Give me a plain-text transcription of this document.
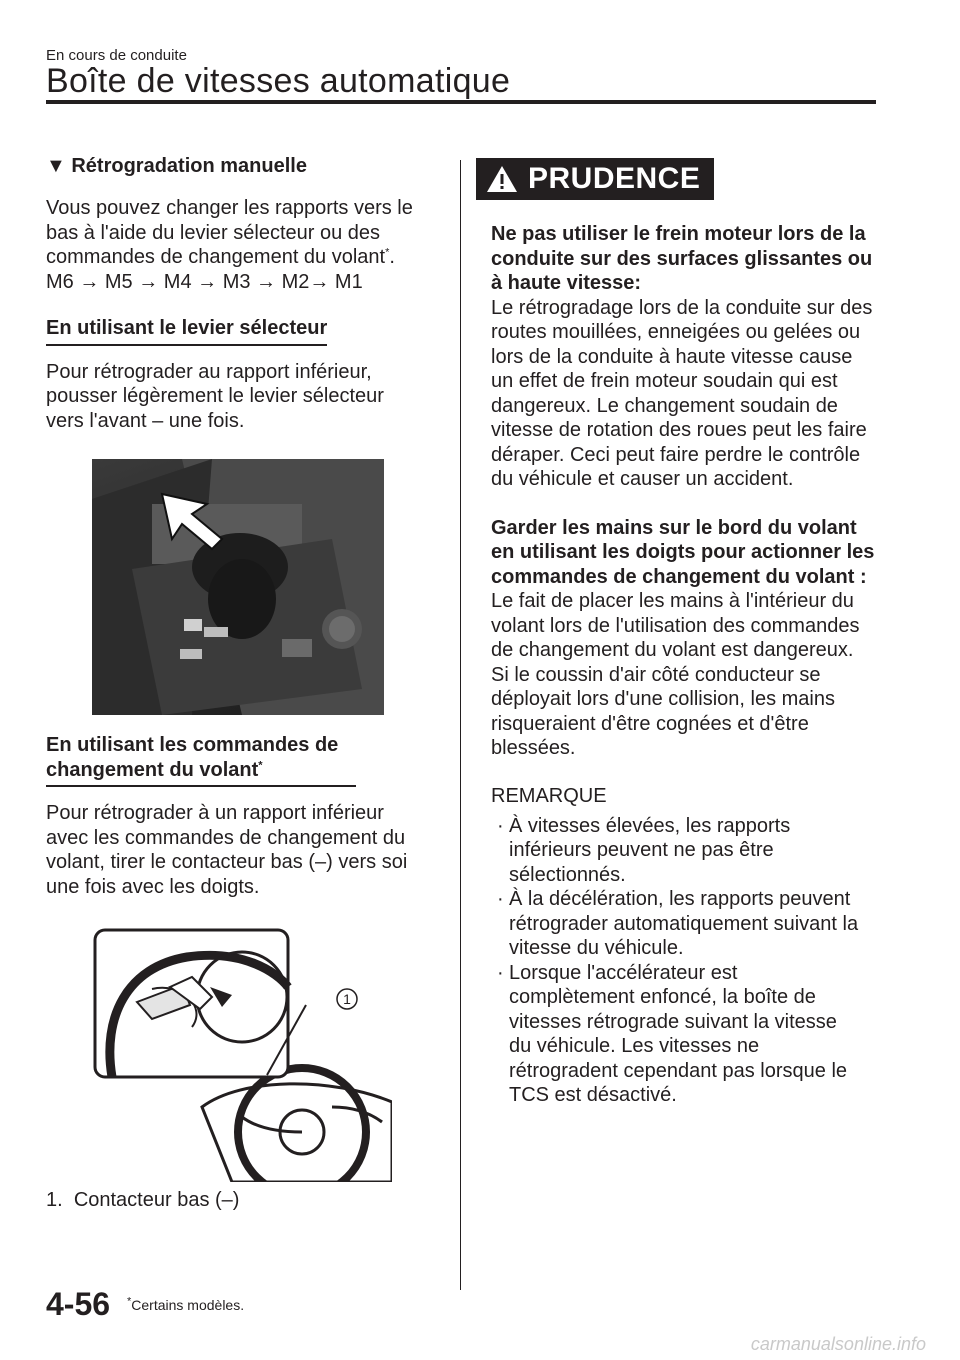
En cours de conduite
Boîte de vitesses automatique

▼ Rétrogradation manuelle

Vous pouvez changer les rapports vers le bas à l'aide du levier sélecteur ou des commandes de changement du volant*.

M6 → M5 → M4 → M3 → M2→ M1

En utilisant le levier sélecteur

Pour rétrograder au rapport inférieur, pousser légèrement le levier sélecteur vers l'avant – une fois.

En utilisant les commandes de changement du volant*

Pour rétrograder à un rapport inférieur avec les commandes de changement du volant, tirer le contacteur bas (–) vers soi une fois avec les doigts.

1

1. Contacteur bas (–)

PRUDENCE

Ne pas utiliser le frein moteur lors de la conduite sur des surfaces glissantes ou à haute vitesse:

Le rétrogradage lors de la conduite sur des routes mouillées, enneigées ou gelées ou lors de la conduite à haute vitesse cause un effet de frein moteur soudain qui est dangereux. Le changement soudain de vitesse de rotation des roues peut les faire déraper. Ceci peut faire perdre le contrôle du véhicule et causer un accident.

Garder les mains sur le bord du volant en utilisant les doigts pour actionner les commandes de changement du volant :

Le fait de placer les mains à l'intérieur du volant lors de l'utilisation des commandes de changement du volant est dangereux. Si le coussin d'air côté conducteur se déployait lors d'une collision, les mains risqueraient d'être cognées et d'être blessées.

REMARQUE

· À vitesses élevées, les rapports inférieurs peuvent ne pas être sélectionnés.
· À la décélération, les rapports peuvent rétrograder automatiquement suivant la vitesse du véhicule.
· Lorsque l'accélérateur est complètement enfoncé, la boîte de vitesses rétrograde suivant la vitesse du véhicule. Les vitesses ne rétrogradent cependant pas lorsque le TCS est désactivé.
4-56 *Certains modèles.
carmanualsonline.info
